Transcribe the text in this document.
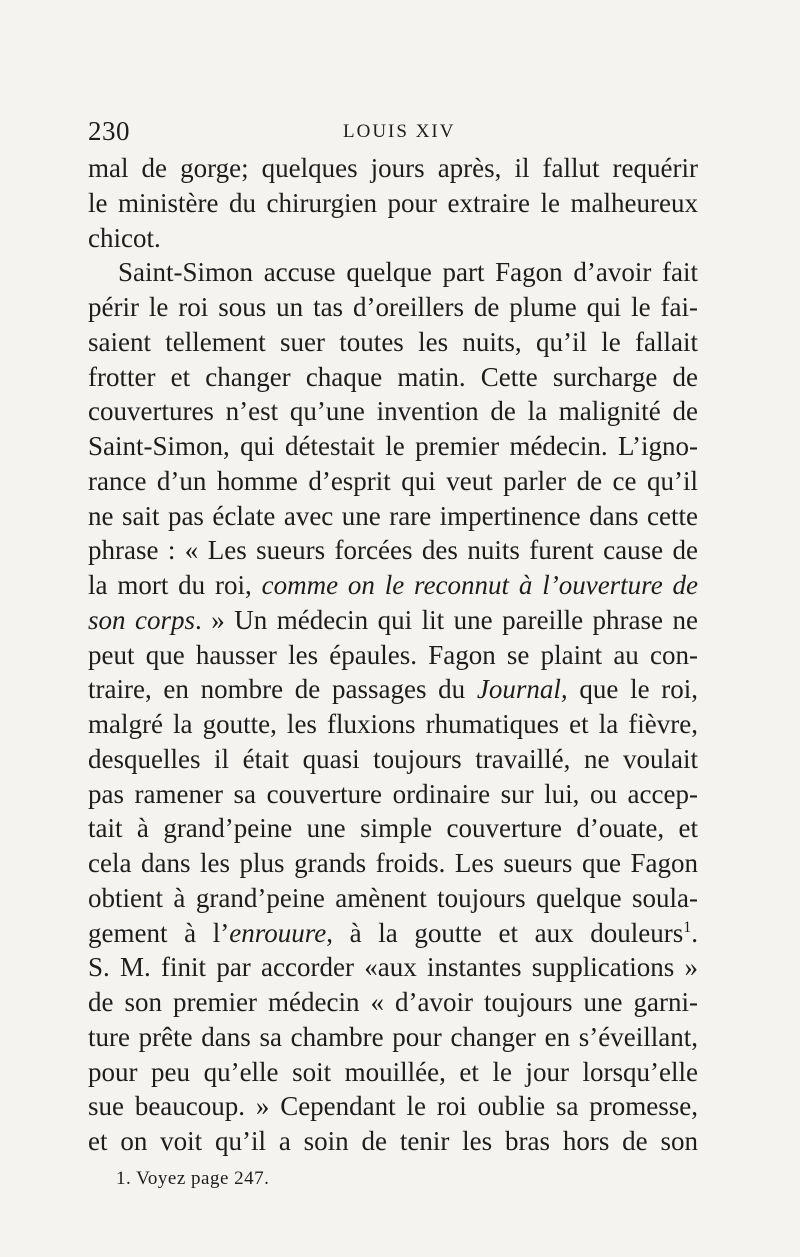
230	LOUIS XIV
mal de gorge; quelques jours après, il fallut requérir
le ministère du chirurgien pour extraire le malheureux
chicot.
Saint-Simon accuse quelque part Fagon d’avoir fait
périr le roi sous un tas d’oreillers de plume qui le fai-
saient tellement suer toutes les nuits, qu’il le fallait
frotter et changer chaque matin. Cette surcharge de
couvertures n’est qu’une invention de la malignité de
Saint-Simon, qui détestait le premier médecin. L’igno-
rance d’un homme d’esprit qui veut parler de ce qu’il
ne sait pas éclate avec une rare impertinence dans cette
phrase : « Les sueurs forcées des nuits furent cause de
la mort du roi, comme on le reconnut à l’ouverture de
son corps. » Un médecin qui lit une pareille phrase ne
peut que hausser les épaules. Fagon se plaint au con-
traire, en nombre de passages du Journal, que le roi,
malgré la goutte, les fluxions rhumatiques et la fièvre,
desquelles il était quasi toujours travaillé, ne voulait
pas ramener sa couverture ordinaire sur lui, ou accep-
tait à grand’peine une simple couverture d’ouate, et
cela dans les plus grands froids. Les sueurs que Fagon
obtient à grand’peine amènent toujours quelque soula-
gement à l’enrouure, à la goutte et aux douleurs$^1$.
S. M. finit par accorder «aux instantes supplications »
de son premier médecin « d’avoir toujours une garni-
ture prête dans sa chambre pour changer en s’éveillant,
pour peu qu’elle soit mouillée, et le jour lorsqu’elle
sue beaucoup. » Cependant le roi oublie sa promesse,
et on voit qu’il a soin de tenir les bras hors de son
1. Voyez page 247.
